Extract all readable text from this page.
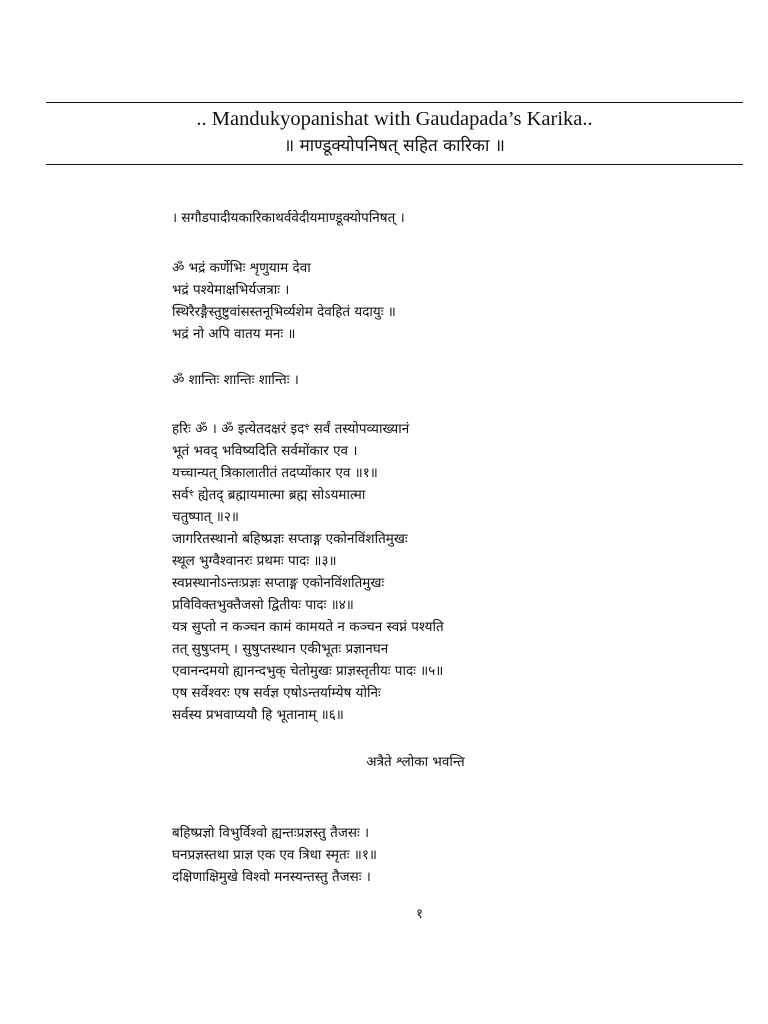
.. Mandukyopanishat with Gaudapada’s Karika..
॥ माण्डूक्योपनिषत् सहित कारिका ॥
। सगौडपादीयकारिकाथर्ववेदीयमाण्डूक्योपनिषत् ।
ॐ भद्रं कर्णेभिः शृणुयाम देवा
भद्रं पश्येमाक्षभिर्यजत्राः ।
स्थिरैरङ्गैस्तुष्टुवांसस्तनूभिर्व्यशेम देवहितं यदायुः ॥
भद्रं नो अपि वातय मनः ॥
ॐ शान्तिः शान्तिः शान्तिः ।
हरिः ॐ । ॐ इत्येतदक्षरं इदꣳ सर्वं तस्योपव्याख्यानं
भूतं भवद् भविष्यदिति सर्वमोंकार एव ।
यच्चान्यत् त्रिकालातीतं तदप्योंकार एव ॥१॥
सर्वꣳ ह्येतद् ब्रह्मायमात्मा ब्रह्म सोऽयमात्मा
चतुष्पात् ॥२॥
जागरितस्थानो बहिष्प्रज्ञः सप्ताङ्ग एकोनविंशतिमुखः
स्थूल भुग्वैश्वानरः प्रथमः पादः ॥३॥
स्वप्नस्थानोऽन्तःप्रज्ञः सप्ताङ्ग एकोनविंशतिमुखः
प्रविविक्तभुक्तैजसो द्वितीयः पादः ॥४॥
यत्र सुप्तो न कञ्चन कामं कामयते न कञ्चन स्वप्नं पश्यति
तत् सुषुप्तम् । सुषुप्तस्थान एकीभूतः प्रज्ञानघन
एवानन्दमयो ह्यानन्दभुक् चेतोमुखः प्राज्ञस्तृतीयः पादः ॥५॥
एष सर्वेश्वरः एष सर्वज्ञ एषोऽन्तर्याम्येष योनिः
सर्वस्य प्रभवाप्ययौ हि भूतानाम् ॥६॥
अत्रैते श्लोका भवन्ति
बहिष्प्रज्ञो विभुर्विश्वो ह्यन्तःप्रज्ञस्तु तैजसः ।
घनप्रज्ञस्तथा प्राज्ञ एक एव त्रिधा स्मृतः ॥१॥
दक्षिणाक्षिमुखे विश्वो मनस्यन्तस्तु तैजसः ।
१
